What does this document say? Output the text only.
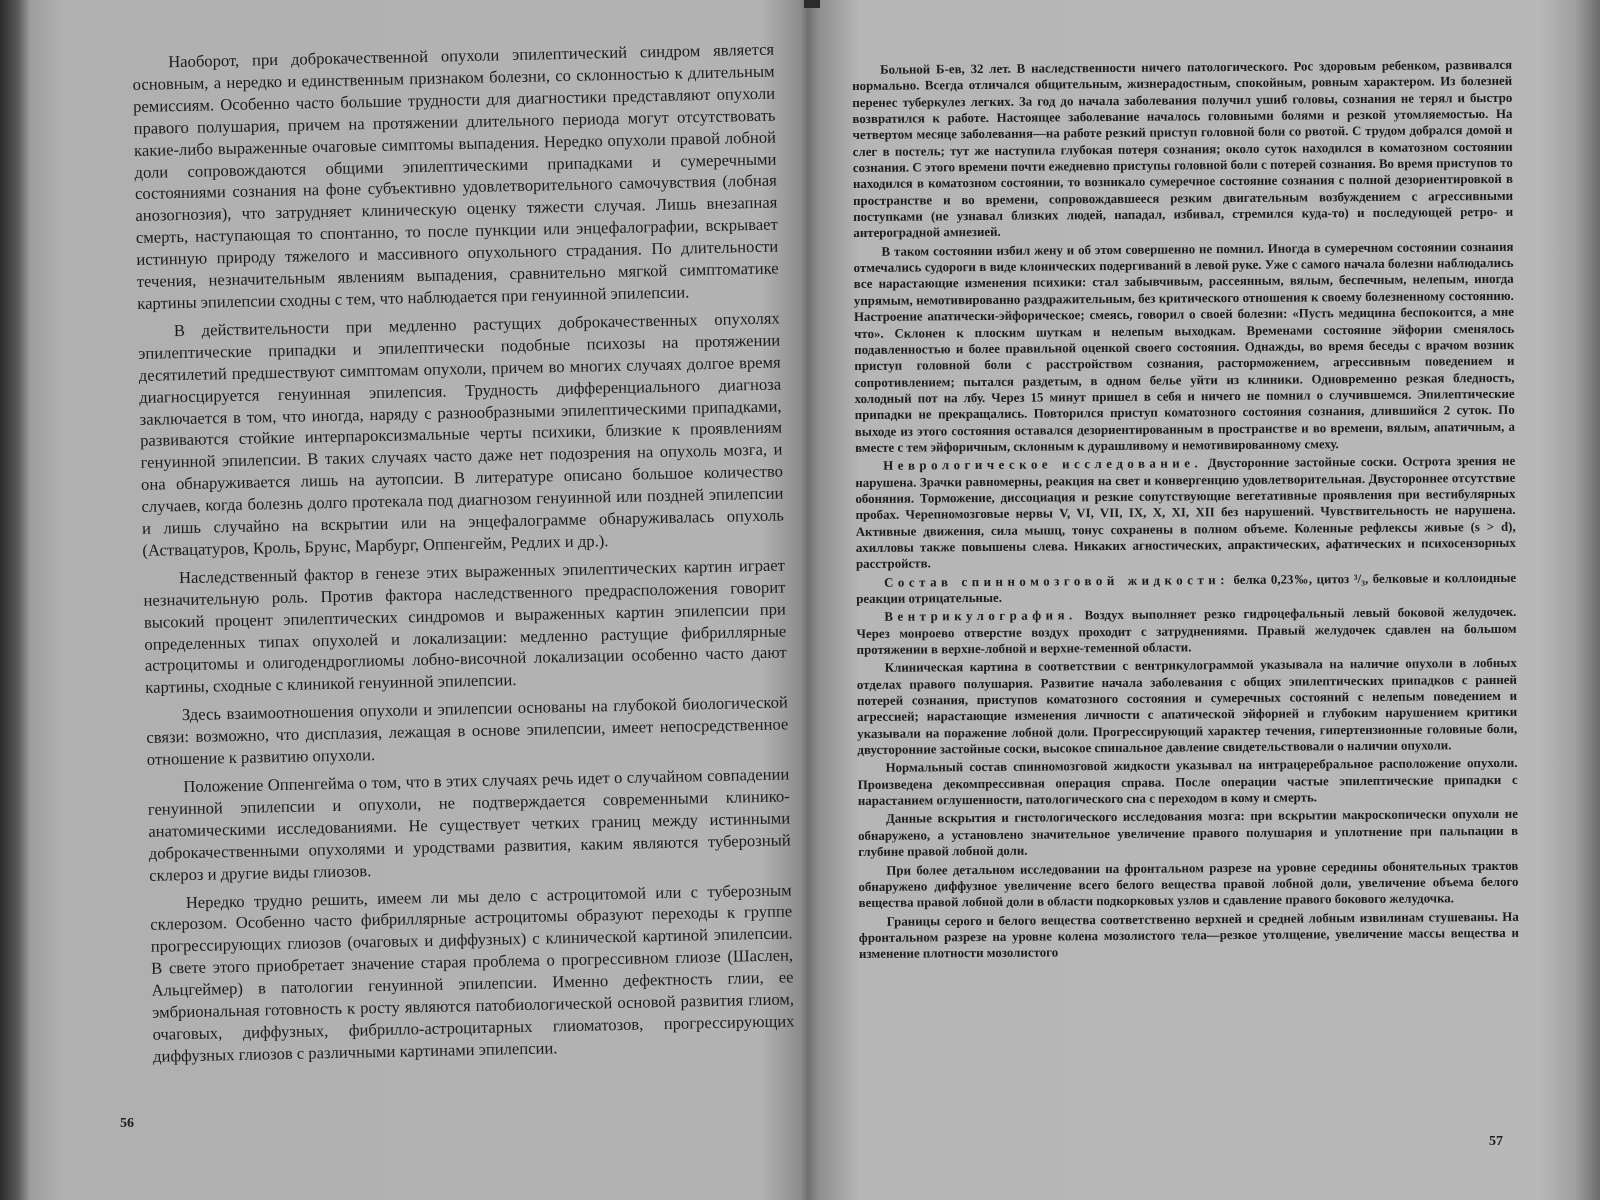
Наоборот, при доброкачественной опухоли эпилептический синдром является основным, а нередко и единственным признаком болезни, со склонностью к длительным ремиссиям. Особенно часто большие трудности для диагностики представляют опухоли правого полушария, причем на протяжении длительного периода могут отсутствовать какие-либо выраженные очаговые симптомы выпадения. Нередко опухоли правой лобной доли сопровождаются общими эпилептическими припадками и сумеречными состояниями сознания на фоне субъективно удовлетворительного самочувствия (лобная анозогнозия), что затрудняет клиническую оценку тяжести случая. Лишь внезапная смерть, наступающая то спонтанно, то после пункции или энцефалографии, вскрывает истинную природу тяжелого и массивного опухольного страдания. По длительности течения, незначительным явлениям выпадения, сравнительно мягкой симптоматике картины эпилепсии сходны с тем, что наблюдается при генуинной эпилепсии.

В действительности при медленно растущих доброкачественных опухолях эпилептические припадки и эпилептически подобные психозы на протяжении десятилетий предшествуют симптомам опухоли, причем во многих случаях долгое время диагносцируется генуинная эпилепсия. Трудность дифференциального диагноза заключается в том, что иногда, наряду с разнообразными эпилептическими припадками, развиваются стойкие интерпароксизмальные черты психики, близкие к проявлениям генуинной эпилепсии. В таких случаях часто даже нет подозрения на опухоль мозга, и она обнаруживается лишь на аутопсии. В литературе описано большое количество случаев, когда болезнь долго протекала под диагнозом генуинной или поздней эпилепсии и лишь случайно на вскрытии или на энцефалограмме обнаруживалась опухоль (Аствацатуров, Кроль, Брунс, Марбург, Оппенгейм, Редлих и др.).

Наследственный фактор в генезе этих выраженных эпилептических картин играет незначительную роль. Против фактора наследственного предрасположения говорит высокий процент эпилептических синдромов и выраженных картин эпилепсии при определенных типах опухолей и локализации: медленно растущие фибриллярные астроцитомы и олигодендроглиомы лобно-височной локализации особенно часто дают картины, сходные с клиникой генуинной эпилепсии.

Здесь взаимоотношения опухоли и эпилепсии основаны на глубокой биологической связи: возможно, что дисплазия, лежащая в основе эпилепсии, имеет непосредственное отношение к развитию опухоли.

Положение Оппенгейма о том, что в этих случаях речь идет о случайном совпадении генуинной эпилепсии и опухоли, не подтверждается современными клинико-анатомическими исследованиями. Не существует четких границ между истинными доброкачественными опухолями и уродствами развития, каким являются туберозный склероз и другие виды глиозов.

Нередко трудно решить, имеем ли мы дело с астроцитомой или с туберозным склерозом. Особенно часто фибриллярные астроцитомы образуют переходы к группе прогрессирующих глиозов (очаговых и диффузных) с клинической картиной эпилепсии. В свете этого приобретает значение старая проблема о прогрессивном глиозе (Шаслен, Альцгеймер) в патологии генуинной эпилепсии. Именно дефектность глии, ее эмбриональная готовность к росту являются патобиологической основой развития глиом, очаговых, диффузных, фибрилло-астроцитарных глиоматозов, прогрессирующих диффузных глиозов с различными картинами эпилепсии.

56

Больной Б-ев, 32 лет. В наследственности ничего патологического. Рос здоровым ребенком, развивался нормально. Всегда отличался общительным, жизнерадостным, спокойным, ровным характером. Из болезней перенес туберкулез легких. За год до начала заболевания получил ушиб головы, сознания не терял и быстро возвратился к работе. Настоящее заболевание началось головными болями и резкой утомляемостью. На четвертом месяце заболевания—на работе резкий приступ головной боли со рвотой. С трудом добрался домой и слег в постель; тут же наступила глубокая потеря сознания; около суток находился в коматозном состоянии сознания. С этого времени почти ежедневно приступы головной боли с потерей сознания. Во время приступов то находился в коматозном состоянии, то возникало сумеречное состояние сознания с полной дезориентировкой в пространстве и во времени, сопровождавшееся резким двигательным возбуждением с агрессивными поступками (не узнавал близких людей, нападал, избивал, стремился куда-то) и последующей ретро- и антероградной амнезией.

В таком состоянии избил жену и об этом совершенно не помнил. Иногда в сумеречном состоянии сознания отмечались судороги в виде клонических подергиваний в левой руке. Уже с самого начала болезни наблюдались все нарастающие изменения психики: стал забывчивым, рассеянным, вялым, беспечным, нелепым, иногда упрямым, немотивированно раздражительным, без критического отношения к своему болезненному состоянию. Настроение апатически-эйфорическое; смеясь, говорил о своей болезни: «Пусть медицина беспокоится, а мне что». Склонен к плоским шуткам и нелепым выходкам. Временами состояние эйфории сменялось подавленностью и более правильной оценкой своего состояния. Однажды, во время беседы с врачом возник приступ головной боли с расстройством сознания, расторможением, агрессивным поведением и сопротивлением; пытался раздетым, в одном белье уйти из клиники. Одновременно резкая бледность, холодный пот на лбу. Через 15 минут пришел в себя и ничего не помнил о случившемся. Эпилептические припадки не прекращались. Повторился приступ коматозного состояния сознания, длившийся 2 суток. По выходе из этого состояния оставался дезориентированным в пространстве и во времени, вялым, апатичным, а вместе с тем эйфоричным, склонным к дурашливому и немотивированному смеху.

Неврологическое исследование. Двусторонние застойные соски. Острота зрения не нарушена. Зрачки равномерны, реакция на свет и конвергенцию удовлетворительная. Двустороннее отсутствие обоняния. Торможение, диссоциация и резкие сопутствующие вегетативные проявления при вестибулярных пробах. Черепномозговые нервы V, VI, VII, IX, X, XI, XII без нарушений. Чувствительность не нарушена. Активные движения, сила мышц, тонус сохранены в полном объеме. Коленные рефлексы живые (s > d), ахилловы также повышены слева. Никаких агностических, апрактических, афатических и психосензорных расстройств.

Состав спинномозговой жидкости: белка 0,23‰, цитоз ³/₃, белковые и коллоидные реакции отрицательные.

Вентрикулография. Воздух выполняет резко гидроцефальный левый боковой желудочек. Через монроево отверстие воздух проходит с затруднениями. Правый желудочек сдавлен на большом протяжении в верхне-лобной и верхне-теменной области.

Клиническая картина в соответствии с вентрикулограммой указывала на наличие опухоли в лобных отделах правого полушария. Развитие начала заболевания с общих эпилептических припадков с ранней потерей сознания, приступов коматозного состояния и сумеречных состояний с нелепым поведением и агрессией; нарастающие изменения личности с апатической эйфорией и глубоким нарушением критики указывали на поражение лобной доли. Прогрессирующий характер течения, гипертензионные головные боли, двусторонние застойные соски, высокое спинальное давление свидетельствовали о наличии опухоли.

Нормальный состав спинномозговой жидкости указывал на интрацеребральное расположение опухоли. Произведена декомпрессивная операция справа. После операции частые эпилептические припадки с нарастанием оглушенности, патологического сна с переходом в кому и смерть.

Данные вскрытия и гистологического исследования мозга: при вскрытии макроскопически опухоли не обнаружено, а установлено значительное увеличение правого полушария и уплотнение при пальпации в глубине правой лобной доли.

При более детальном исследовании на фронтальном разрезе на уровне середины обонятельных трактов обнаружено диффузное увеличение всего белого вещества правой лобной доли, увеличение объема белого вещества правой лобной доли в области подкорковых узлов и сдавление правого бокового желудочка.

Границы серого и белого вещества соответственно верхней и средней лобным извилинам стушеваны. На фронтальном разрезе на уровне колена мозолистого тела—резкое утолщение, увеличение массы вещества и изменение плотности мозолистого

57
